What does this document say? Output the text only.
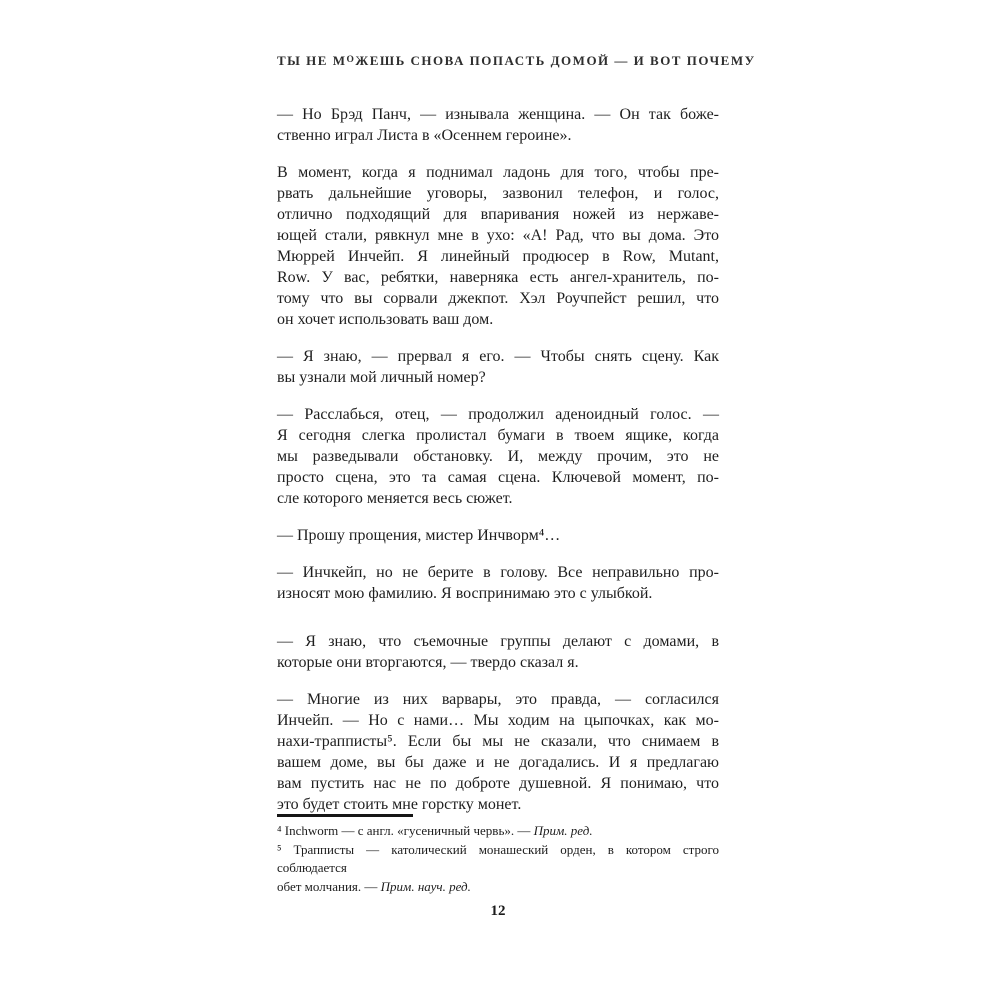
ТЫ НЕ МОЖЕШЬ СНОВА ПОПАСТЬ ДОМОЙ — И ВОТ ПОЧЕМУ

— Но Брэд Панч, — изнывала женщина. — Он так боже-
ственно играл Листа в «Осеннем героине».

В момент, когда я поднимал ладонь для того, чтобы пре-
рвать дальнейшие уговоры, зазвонил телефон, и голос,
отлично подходящий для впаривания ножей из нержаве-
ющей стали, рявкнул мне в ухо: «А! Рад, что вы дома. Это
Мюррей Инчейп. Я линейный продюсер в Row, Mutant,
Row. У вас, ребятки, наверняка есть ангел-хранитель, по-
тому что вы сорвали джекпот. Хэл Роучпейст решил, что
он хочет использовать ваш дом.

— Я знаю, — прервал я его. — Чтобы снять сцену. Как
вы узнали мой личный номер?

— Расслабься, отец, — продолжил аденоидный голос. —
Я сегодня слегка пролистал бумаги в твоем ящике, когда
мы разведывали обстановку. И, между прочим, это не
просто сцена, это та самая сцена. Ключевой момент, по-
сле которого меняется весь сюжет.

— Прошу прощения, мистер Инчворм⁴…

— Инчкейп, но не берите в голову. Все неправильно про-
износят мою фамилию. Я воспринимаю это с улыбкой.

— Я знаю, что съемочные группы делают с домами, в
которые они вторгаются, — твердо сказал я.

— Многие из них варвары, это правда, — согласился
Инчейп. — Но с нами… Мы ходим на цыпочках, как мо-
нахи-трапписты⁵. Если бы мы не сказали, что снимаем в
вашем доме, вы бы даже и не догадались. И я предлагаю
вам пустить нас не по доброте душевной. Я понимаю, что
это будет стоить мне горстку монет.

⁴ Inchworm — с англ. «гусеничный червь». — Прим. ред.
⁵ Трапписты — католический монашеский орден, в котором строго соблюдается
обет молчания. — Прим. науч. ред.
12
